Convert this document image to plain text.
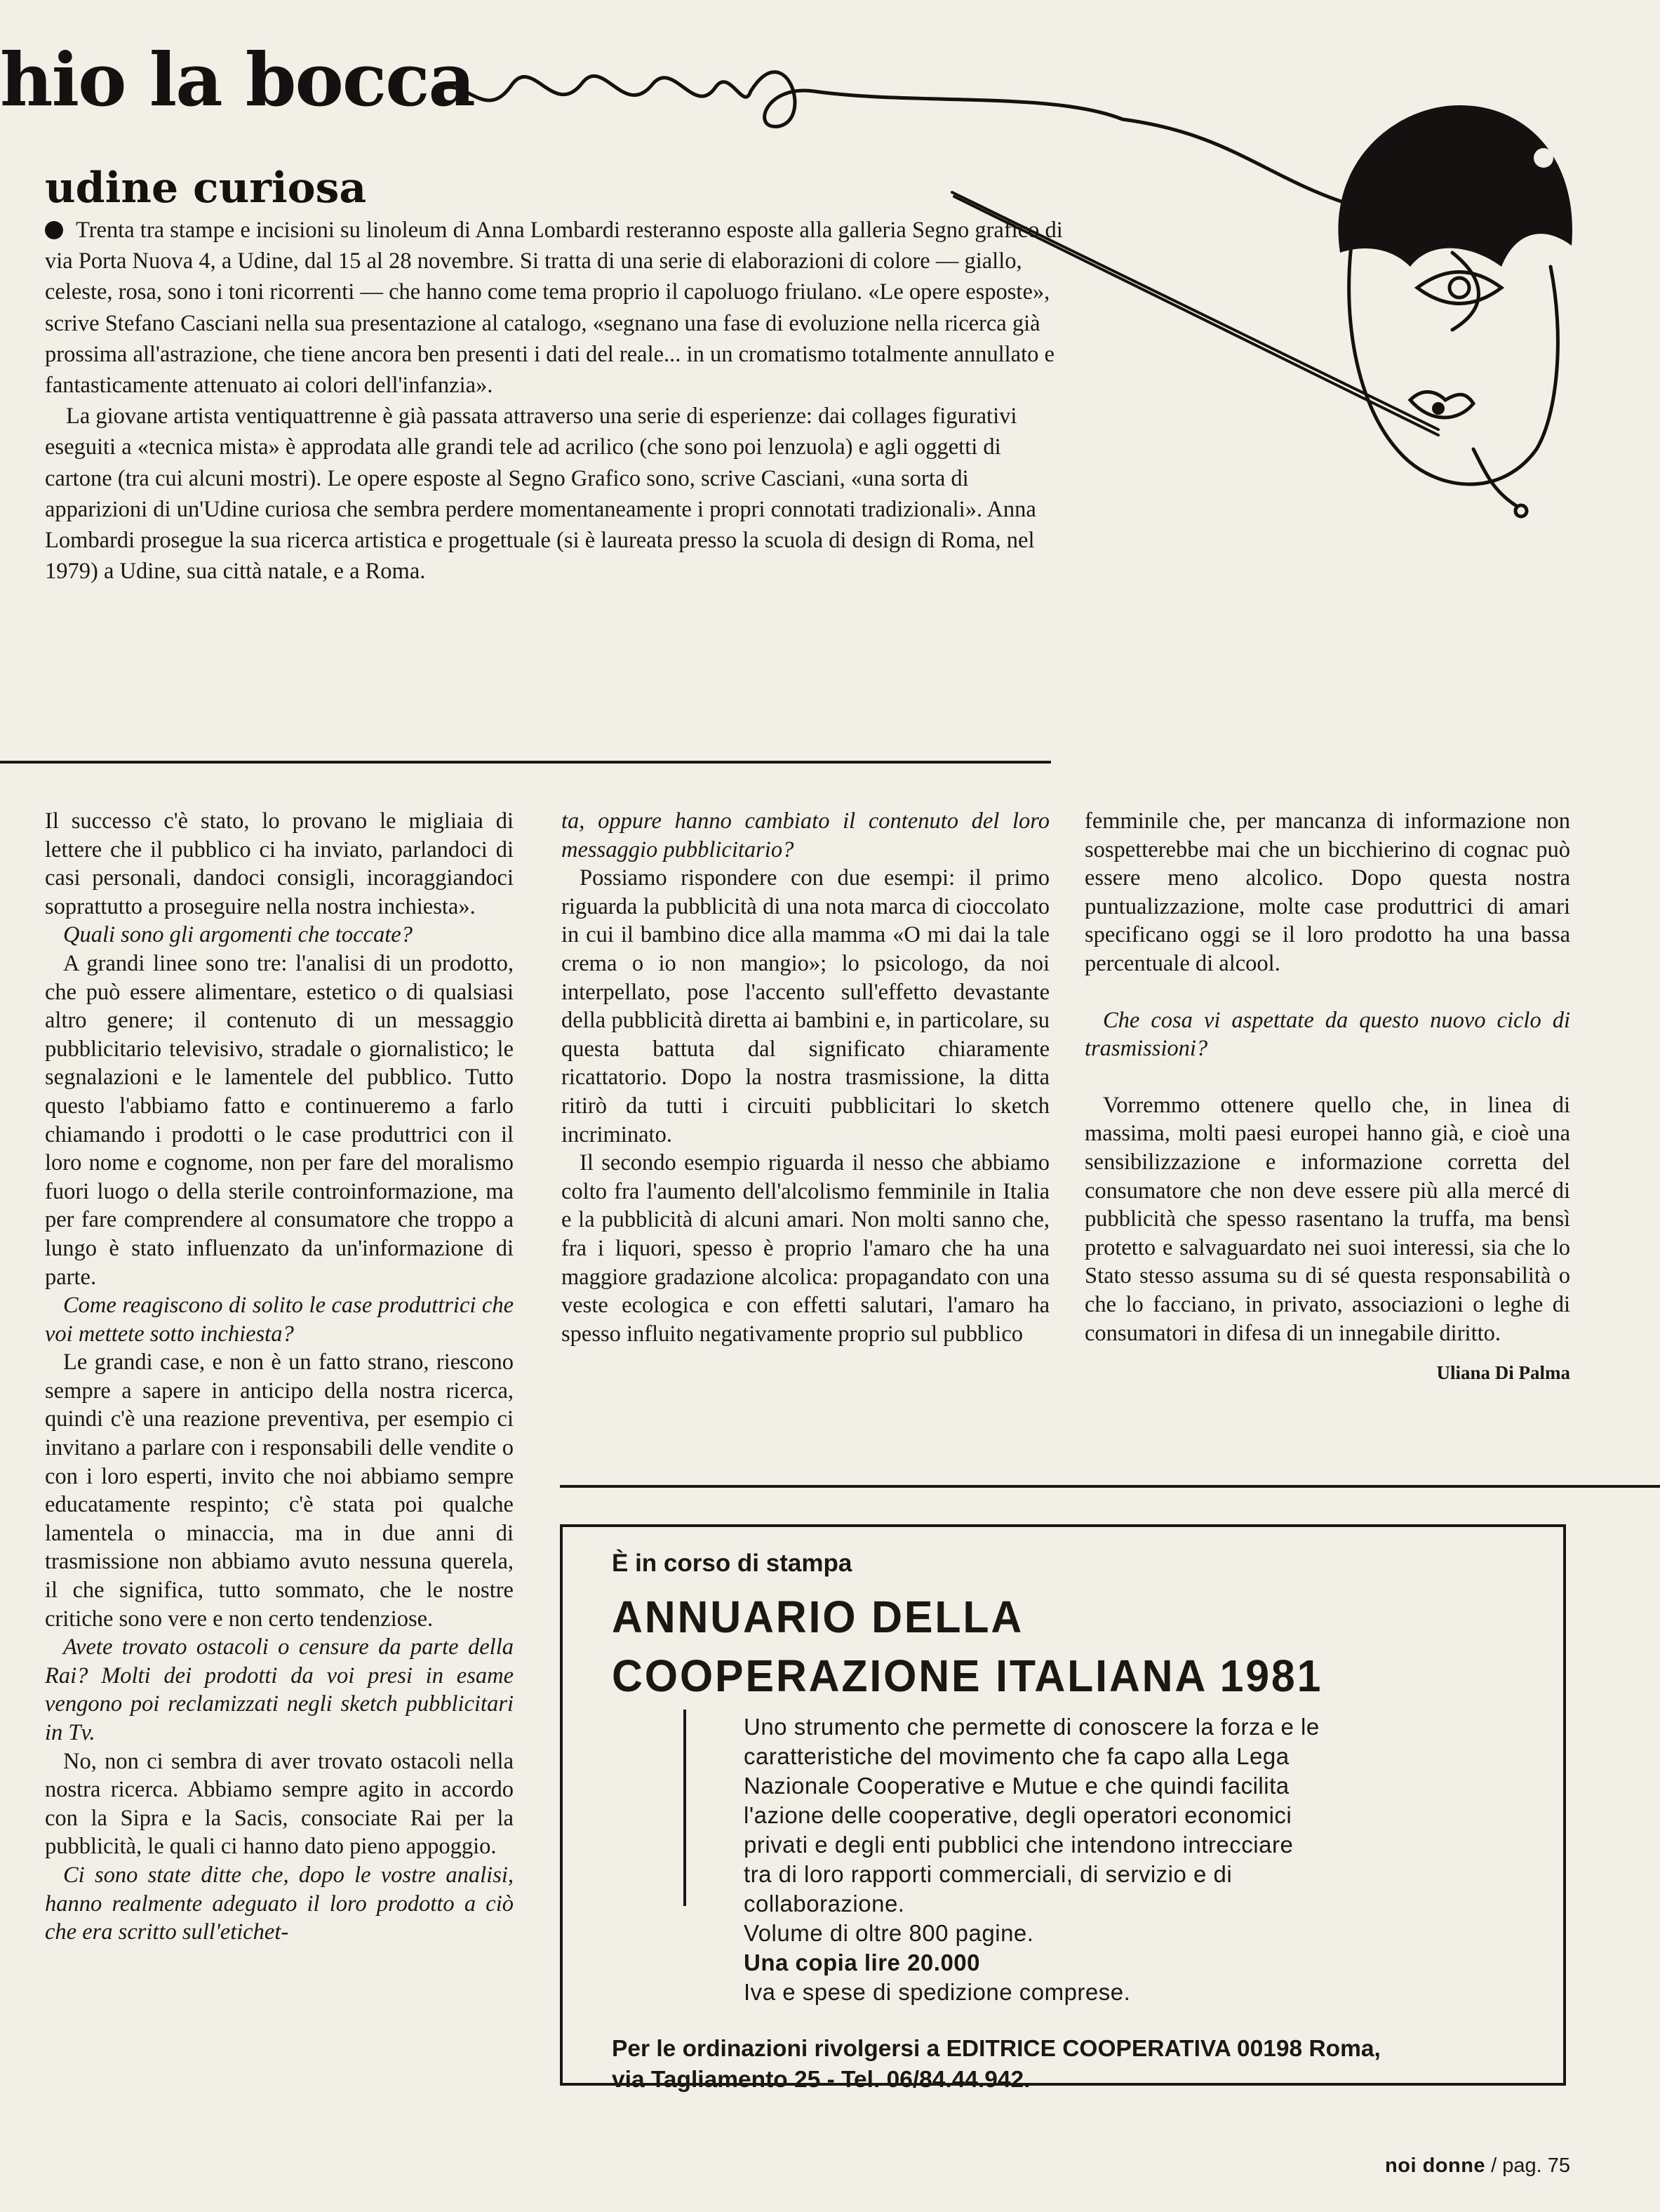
hio la bocca
udine curiosa

Trenta tra stampe e incisioni su linoleum di Anna Lombardi resteranno esposte alla galleria Segno grafico di via Porta Nuova 4, a Udine, dal 15 al 28 novembre. Si tratta di una serie di elaborazioni di colore — giallo, celeste, rosa, sono i toni ricorrenti — che hanno come tema proprio il capoluogo friulano. «Le opere esposte», scrive Stefano Casciani nella sua presentazione al catalogo, «segnano una fase di evoluzione nella ricerca già prossima all'astrazione, che tiene ancora ben presenti i dati del reale... in un cromatismo totalmente annullato e fantasticamente attenuato ai colori dell'infanzia».

La giovane artista ventiquattrenne è già passata attraverso una serie di esperienze: dai collages figurativi eseguiti a «tecnica mista» è approdata alle grandi tele ad acrilico (che sono poi lenzuola) e agli oggetti di cartone (tra cui alcuni mostri). Le opere esposte al Segno Grafico sono, scrive Casciani, «una sorta di apparizioni di un'Udine curiosa che sembra perdere momentaneamente i propri connotati tradizionali». Anna Lombardi prosegue la sua ricerca artistica e progettuale (si è laureata presso la scuola di design di Roma, nel 1979) a Udine, sua città natale, e a Roma.

Il successo c'è stato, lo provano le migliaia di lettere che il pubblico ci ha inviato, parlandoci di casi personali, dandoci consigli, incoraggiandoci soprattutto a proseguire nella nostra inchiesta».

Quali sono gli argomenti che toccate?

A grandi linee sono tre: l'analisi di un prodotto, che può essere alimentare, estetico o di qualsiasi altro genere; il contenuto di un messaggio pubblicitario televisivo, stradale o giornalistico; le segnalazioni e le lamentele del pubblico. Tutto questo l'abbiamo fatto e continueremo a farlo chiamando i prodotti o le case produttrici con il loro nome e cognome, non per fare del moralismo fuori luogo o della sterile controinformazione, ma per fare comprendere al consumatore che troppo a lungo è stato influenzato da un'informazione di parte.

Come reagiscono di solito le case produttrici che voi mettete sotto inchiesta?

Le grandi case, e non è un fatto strano, riescono sempre a sapere in anticipo della nostra ricerca, quindi c'è una reazione preventiva, per esempio ci invitano a parlare con i responsabili delle vendite o con i loro esperti, invito che noi abbiamo sempre educatamente respinto; c'è stata poi qualche lamentela o minaccia, ma in due anni di trasmissione non abbiamo avuto nessuna querela, il che significa, tutto sommato, che le nostre critiche sono vere e non certo tendenziose.

Avete trovato ostacoli o censure da parte della Rai? Molti dei prodotti da voi presi in esame vengono poi reclamizzati negli sketch pubblicitari in Tv.

No, non ci sembra di aver trovato ostacoli nella nostra ricerca. Abbiamo sempre agito in accordo con la Sipra e la Sacis, consociate Rai per la pubblicità, le quali ci hanno dato pieno appoggio.

Ci sono state ditte che, dopo le vostre analisi, hanno realmente adeguato il loro prodotto a ciò che era scritto sull'etichet-

ta, oppure hanno cambiato il contenuto del loro messaggio pubblicitario?

Possiamo rispondere con due esempi: il primo riguarda la pubblicità di una nota marca di cioccolato in cui il bambino dice alla mamma «O mi dai la tale crema o io non mangio»; lo psicologo, da noi interpellato, pose l'accento sull'effetto devastante della pubblicità diretta ai bambini e, in particolare, su questa battuta dal significato chiaramente ricattatorio. Dopo la nostra trasmissione, la ditta ritirò da tutti i circuiti pubblicitari lo sketch incriminato.

Il secondo esempio riguarda il nesso che abbiamo colto fra l'aumento dell'alcolismo femminile in Italia e la pubblicità di alcuni amari. Non molti sanno che, fra i liquori, spesso è proprio l'amaro che ha una maggiore gradazione alcolica: propagandato con una veste ecologica e con effetti salutari, l'amaro ha spesso influito negativamente proprio sul pubblico

femminile che, per mancanza di informazione non sospetterebbe mai che un bicchierino di cognac può essere meno alcolico. Dopo questa nostra puntualizzazione, molte case produttrici di amari specificano oggi se il loro prodotto ha una bassa percentuale di alcool.

Che cosa vi aspettate da questo nuovo ciclo di trasmissioni?

Vorremmo ottenere quello che, in linea di massima, molti paesi europei hanno già, e cioè una sensibilizzazione e informazione corretta del consumatore che non deve essere più alla mercé di pubblicità che spesso rasentano la truffa, ma bensì protetto e salvaguardato nei suoi interessi, sia che lo Stato stesso assuma su di sé questa responsabilità o che lo facciano, in privato, associazioni o leghe di consumatori in difesa di un innegabile diritto.

Uliana Di Palma
È in corso di stampa
ANNUARIO DELLA
COOPERAZIONE ITALIANA 1981
Uno strumento che permette di conoscere la forza e le
caratteristiche del movimento che fa capo alla Lega
Nazionale Cooperative e Mutue e che quindi facilita
l'azione delle cooperative, degli operatori economici
privati e degli enti pubblici che intendono intrecciare
tra di loro rapporti commerciali, di servizio e di
collaborazione.
Volume di oltre 800 pagine.
Una copia lire 20.000
Iva e spese di spedizione comprese.
Per le ordinazioni rivolgersi a EDITRICE COOPERATIVA 00198 Roma,
via Tagliamento 25 - Tel. 06/84.44.942.
noi donne / pag. 75
